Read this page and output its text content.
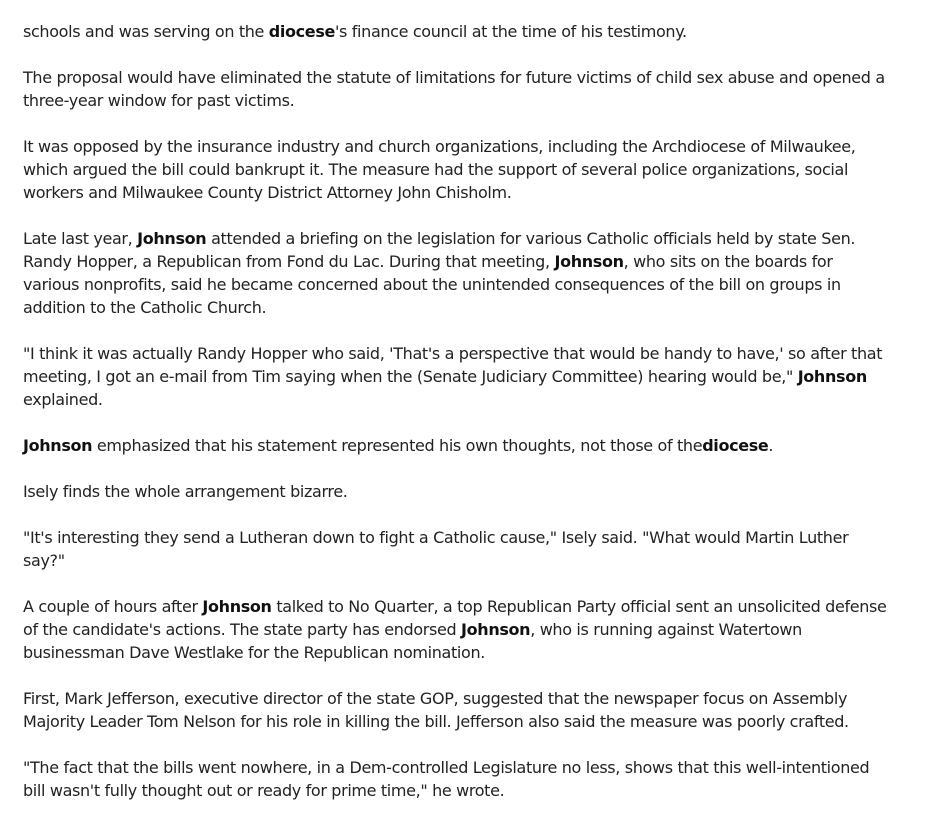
schools and was serving on the diocese's finance council at the time of his testimony.

The proposal would have eliminated the statute of limitations for future victims of child sex abuse and opened a three-year window for past victims.

It was opposed by the insurance industry and church organizations, including the Archdiocese of Milwaukee, which argued the bill could bankrupt it. The measure had the support of several police organizations, social workers and Milwaukee County District Attorney John Chisholm.

Late last year, Johnson attended a briefing on the legislation for various Catholic officials held by state Sen. Randy Hopper, a Republican from Fond du Lac. During that meeting, Johnson, who sits on the boards for various nonprofits, said he became concerned about the unintended consequences of the bill on groups in addition to the Catholic Church.

"I think it was actually Randy Hopper who said, 'That's a perspective that would be handy to have,' so after that meeting, I got an e-mail from Tim saying when the (Senate Judiciary Committee) hearing would be," Johnson explained.

Johnson emphasized that his statement represented his own thoughts, not those of thediocese.

Isely finds the whole arrangement bizarre.

"It's interesting they send a Lutheran down to fight a Catholic cause," Isely said. "What would Martin Luther say?"

A couple of hours after Johnson talked to No Quarter, a top Republican Party official sent an unsolicited defense of the candidate's actions. The state party has endorsed Johnson, who is running against Watertown businessman Dave Westlake for the Republican nomination.

First, Mark Jefferson, executive director of the state GOP, suggested that the newspaper focus on Assembly Majority Leader Tom Nelson for his role in killing the bill. Jefferson also said the measure was poorly crafted.

"The fact that the bills went nowhere, in a Dem-controlled Legislature no less, shows that this well-intentioned bill wasn't fully thought out or ready for prime time," he wrote.
